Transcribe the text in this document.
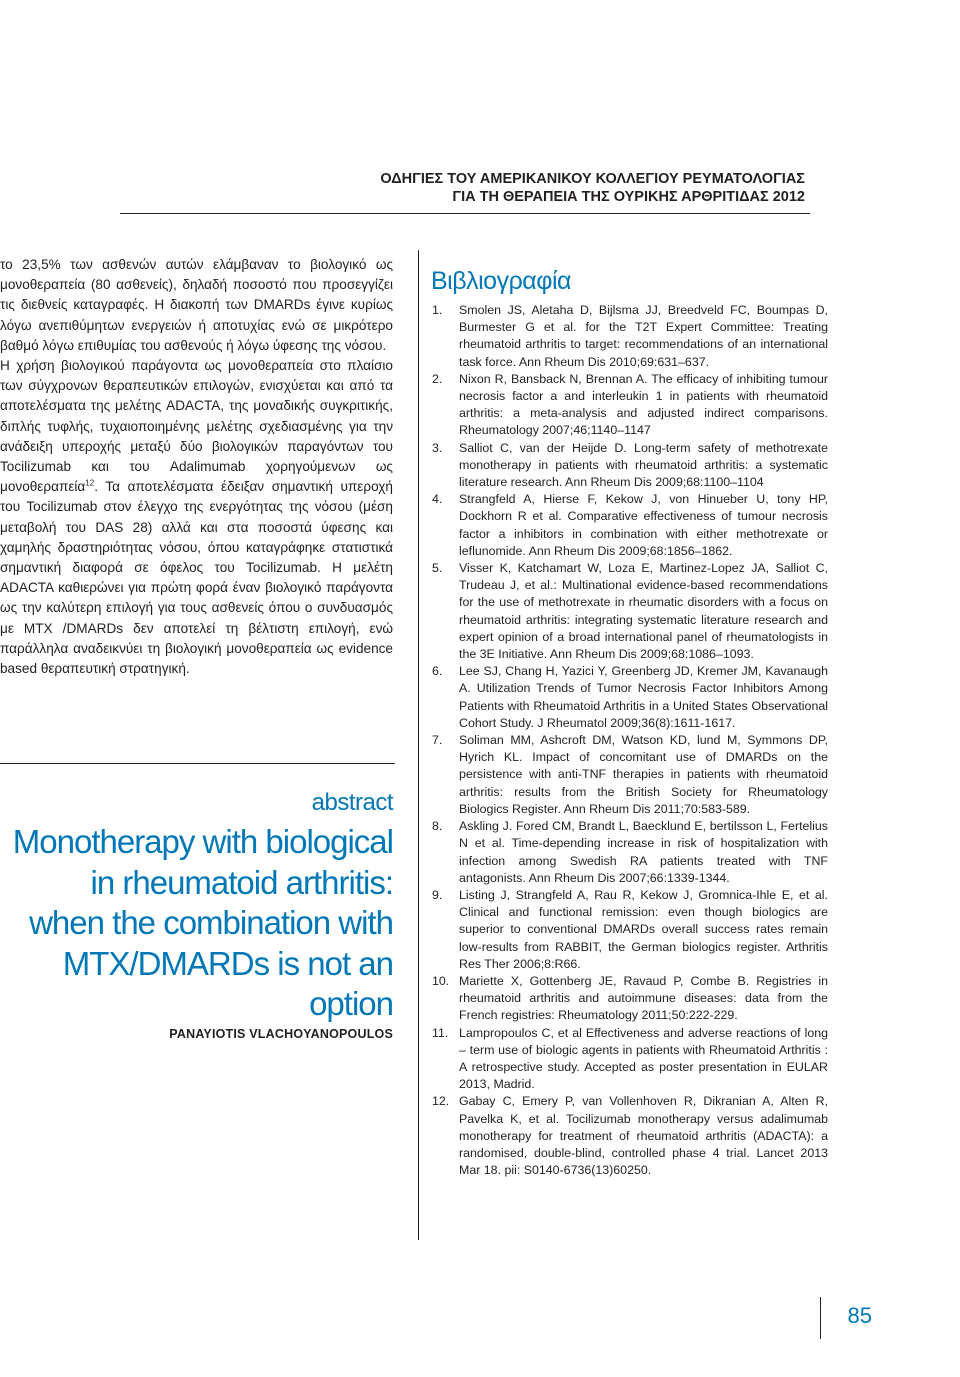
ΟΔΗΓΙΕΣ ΤΟΥ ΑΜΕΡΙΚΑΝΙΚΟΥ ΚΟΛΛΕΓΙΟΥ ΡΕΥΜΑΤΟΛΟΓΙΑΣ
ΓΙΑ ΤΗ ΘΕΡΑΠΕΙΑ ΤΗΣ ΟΥΡΙΚΗΣ ΑΡΘΡΙΤΙΔΑΣ 2012

το 23,5% των ασθενών αυτών ελάμβαναν το βιολογικό ως μονοθεραπεία (80 ασθενείς), δηλαδή ποσοστό που προσεγγίζει τις διεθνείς καταγραφές. Η διακοπή των DMARDs έγινε κυρίως λόγω ανεπιθύμητων ενεργειών ή αποτυχίας ενώ σε μικρότερο βαθμό λόγω επιθυμίας του ασθενούς ή λόγω ύφεσης της νόσου.

Η χρήση βιολογικού παράγοντα ως μονοθεραπεία στο πλαίσιο των σύγχρονων θεραπευτικών επιλογών, ενισχύεται και από τα αποτελέσματα της μελέτης ADACTA, της μοναδικής συγκριτικής, διπλής τυφλής, τυχαιοποιημένης μελέτης σχεδιασμένης για την ανάδειξη υπεροχής μεταξύ δύο βιολογικών παραγόντων του Tocilizumab και του Adalimumab χορηγούμενων ως μονοθεραπεία$^{12}$. Τα αποτελέσματα έδειξαν σημαντική υπεροχή του Tocilizumab στον έλεγχο της ενεργότητας της νόσου (μέση μεταβολή του DAS 28) αλλά και στα ποσοστά ύφεσης και χαμηλής δραστηριότητας νόσου, όπου καταγράφηκε στατιστικά σημαντική διαφορά σε όφελος του Tocilizumab. Η μελέτη ADACTA καθιερώνει για πρώτη φορά έναν βιολογικό παράγοντα ως την καλύτερη επιλογή για τους ασθενείς όπου ο συνδυασμός με MTX /DMARDs δεν αποτελεί τη βέλτιστη επιλογή, ενώ παράλληλα αναδεικνύει τη βιολογική μονοθεραπεία ως evidence based θεραπευτική στρατηγική.

abstract
Monotherapy with biological
in rheumatoid arthritis:
when the combination with
MTX/DMARDs is not an
option
PANAYIOTIS VLACHOYANOPOULOS
Βιβλιογραφία
1. Smolen JS, Aletaha D, Bijlsma JJ, Breedveld FC, Boumpas D, Burmester G et al. for the T2T Expert Committee: Treating rheumatoid arthritis to target: recommendations of an international task force. Ann Rheum Dis 2010;69:631–637.
2. Nixon R, Bansback N, Brennan A. The efficacy of inhibiting tumour necrosis factor a and interleukin 1 in patients with rheumatoid arthritis: a meta-analysis and adjusted indirect comparisons. Rheumatology 2007;46;1140–1147
3. Salliot C, van der Heijde D. Long-term safety of methotrexate monotherapy in patients with rheumatoid arthritis: a systematic literature research. Ann Rheum Dis 2009;68:1100–1104
4. Strangfeld A, Hierse F, Kekow J, von Hinueber U, tony HP, Dockhorn R et al. Comparative effectiveness of tumour necrosis factor a inhibitors in combination with either methotrexate or leflunomide. Ann Rheum Dis 2009;68:1856–1862.
5. Visser K, Katchamart W, Loza E, Martinez-Lopez JA, Salliot C, Trudeau J, et al.: Multinational evidence-based recommendations for the use of methotrexate in rheumatic disorders with a focus on rheumatoid arthritis: integrating systematic literature research and expert opinion of a broad international panel of rheumatologists in the 3E Initiative. Ann Rheum Dis 2009;68:1086–1093.
6. Lee SJ, Chang H, Yazici Y, Greenberg JD, Kremer JM, Kavanaugh A. Utilization Trends of Tumor Necrosis Factor Inhibitors Among Patients with Rheumatoid Arthritis in a United States Observational Cohort Study. J Rheumatol 2009;36(8):1611-1617.
7. Soliman MM, Ashcroft DM, Watson KD, lund M, Symmons DP, Hyrich KL. Impact of concomitant use of DMARDs on the persistence with anti-TNF therapies in patients with rheumatoid arthritis: results from the British Society for Rheumatology Biologics Register. Ann Rheum Dis 2011;70:583-589.
8. Askling J. Fored CM, Brandt L, Baecklund E, bertilsson L, Fertelius N et al. Time-depending increase in risk of hospitalization with infection among Swedish RA patients treated with TNF antagonists. Ann Rheum Dis 2007;66:1339-1344.
9. Listing J, Strangfeld A, Rau R, Kekow J, Gromnica-Ihle E, et al. Clinical and functional remission: even though biologics are superior to conventional DMARDs overall success rates remain low-results from RABBIT, the German biologics register. Arthritis Res Ther 2006;8:R66.
10. Mariette X, Gottenberg JE, Ravaud P, Combe B. Registries in rheumatoid arthritis and autoimmune diseases: data from the French registries: Rheumatology 2011;50:222-229.
11. Lampropoulos C, et al Effectiveness and adverse reactions of long – term use of biologic agents in patients with Rheumatoid Arthritis : A retrospective study. Accepted as poster presentation in EULAR 2013, Madrid.
12. Gabay C, Emery P, van Vollenhoven R, Dikranian A, Alten R, Pavelka K, et al. Tocilizumab monotherapy versus adalimumab monotherapy for treatment of rheumatoid arthritis (ADACTA): a randomised, double-blind, controlled phase 4 trial. Lancet 2013 Mar 18. pii: S0140-6736(13)60250.
85
